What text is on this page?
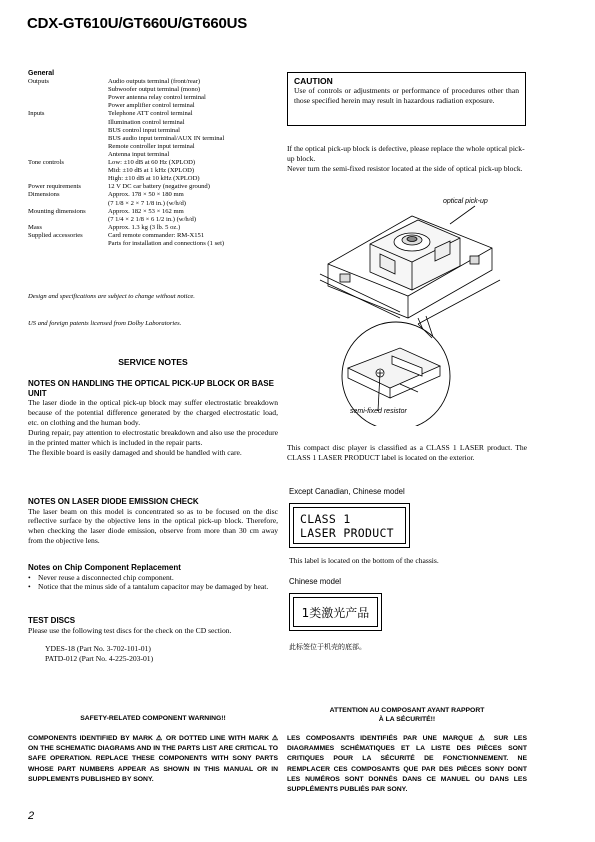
CDX-GT610U/GT660U/GT660US
General
Outputs	Audio outputs terminal (front/rear)
Subwoofer output terminal (mono)
Power antenna relay control terminal
Power amplifier control terminal
Inputs	Telephone ATT control terminal
Illumination control terminal
BUS control input terminal
BUS audio input terminal/AUX IN terminal
Remote controller input terminal
Antenna input terminal
Tone controls	Low: ±10 dB at 60 Hz (XPLOD)
Mid: ±10 dB at 1 kHz (XPLOD)
High: ±10 dB at 10 kHz (XPLOD)
Power requirements	12 V DC car battery (negative ground)
Dimensions	Approx. 178 × 50 × 180 mm
(7 1/8 × 2 × 7 1/8 in.) (w/h/d)
Mounting dimensions	Approx. 182 × 53 × 162 mm
(7 1/4 × 2 1/8 × 6 1/2 in.) (w/h/d)
Mass	Approx. 1.3 kg (3 lb. 5 oz.)
Supplied accessories	Card remote commander: RM-X151
Parts for installation and connections (1 set)
Design and specifications are subject to change without notice.
US and foreign patents licensed from Dolby Laboratories.
SERVICE NOTES
NOTES ON HANDLING THE OPTICAL PICK-UP BLOCK OR BASE UNIT
The laser diode in the optical pick-up block may suffer electrostatic breakdown because of the potential difference generated by the charged electrostatic load, etc. on clothing and the human body.
During repair, pay attention to electrostatic breakdown and also use the procedure in the printed matter which is included in the repair parts.
The flexible board is easily damaged and should be handled with care.
NOTES ON LASER DIODE EMISSION CHECK
The laser beam on this model is concentrated so as to be focused on the disc reflective surface by the objective lens in the optical pick-up block. Therefore, when checking the laser diode emission, observe from more than 30 cm away from the objective lens.
Notes on Chip Component Replacement
• Never reuse a disconnected chip component.
• Notice that the minus side of a tantalum capacitor may be damaged by heat.
TEST DISCS
Please use the following test discs for the check on the CD section.
YDES-18 (Part No. 3-702-101-01)
PATD-012 (Part No. 4-225-203-01)
CAUTION
Use of controls or adjustments or performance of procedures other than those specified herein may result in hazardous radiation exposure.
If the optical pick-up block is defective, please replace the whole optical pick-up block.
Never turn the semi-fixed resistor located at the side of optical pick-up block.
optical pick-up
semi-fixed resistor
This compact disc player is classified as a CLASS 1 LASER product. The CLASS 1 LASER PRODUCT label is located on the exterior.
Except Canadian, Chinese model
CLASS 1
LASER PRODUCT
This label is located on the bottom of the chassis.
Chinese model
1类激光产品
此标签位于机壳的底部。
SAFETY-RELATED COMPONENT WARNING!!
COMPONENTS IDENTIFIED BY MARK ⚠ OR DOTTED LINE WITH MARK ⚠ ON THE SCHEMATIC DIAGRAMS AND IN THE PARTS LIST ARE CRITICAL TO SAFE OPERATION. REPLACE THESE COMPONENTS WITH SONY PARTS WHOSE PART NUMBERS APPEAR AS SHOWN IN THIS MANUAL OR IN SUPPLEMENTS PUBLISHED BY SONY.
ATTENTION AU COMPOSANT AYANT RAPPORT
À LA SÉCURITÉ!!
LES COMPOSANTS IDENTIFIÉS PAR UNE MARQUE ⚠ SUR LES DIAGRAMMES SCHÉMATIQUES ET LA LISTE DES PIÈCES SONT CRITIQUES POUR LA SÉCURITÉ DE FONCTIONNEMENT. NE REMPLACER CES COMPOSANTS QUE PAR DES PIÈCES SONY DONT LES NUMÉROS SONT DONNÉS DANS CE MANUEL OU DANS LES SUPPLÉMENTS PUBLIÉS PAR SONY.
2
